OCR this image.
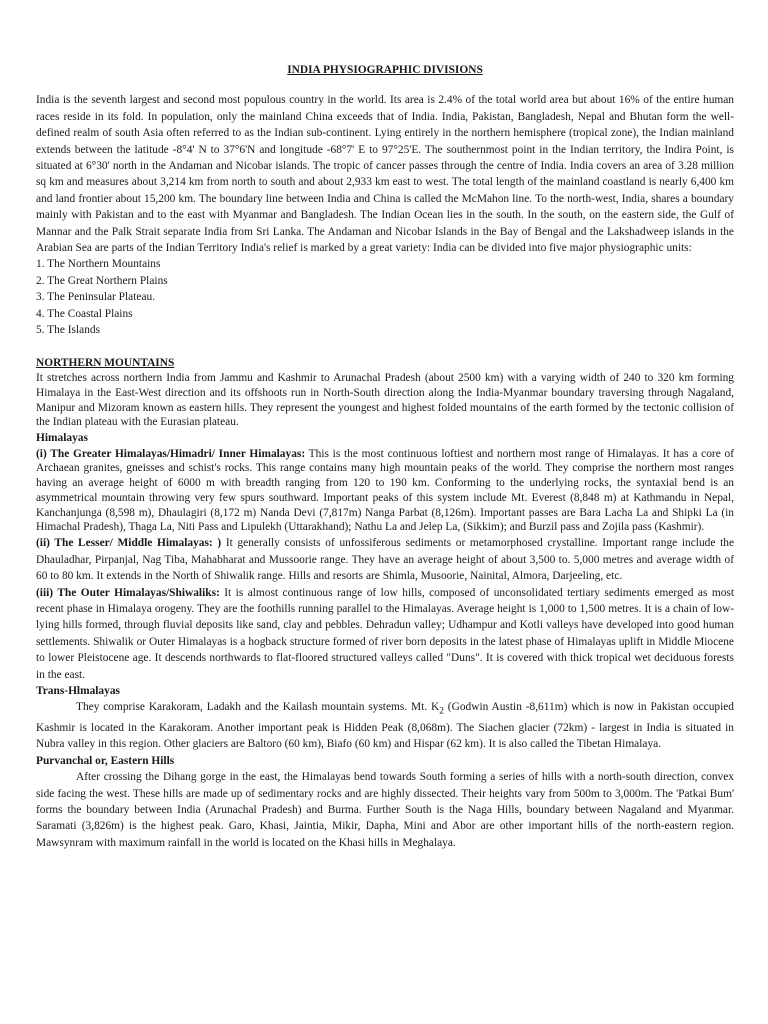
INDIA PHYSIOGRAPHIC DIVISIONS

India is the seventh largest and second most populous country in the world. Its area is 2.4% of the total world area but about 16% of the entire human races reside in its fold. In population, only the mainland China exceeds that of India. India, Pakistan, Bangladesh, Nepal and Bhutan form the well-defined realm of south Asia often referred to as the Indian sub-continent. Lying entirely in the northern hemisphere (tropical zone), the Indian mainland extends between the latitude -8°4' N to 37°6'N and longitude -68°7' E to 97°25'E. The southernmost point in the Indian territory, the Indira Point, is situated at 6°30' north in the Andaman and Nicobar islands. The tropic of cancer passes through the centre of India. India covers an area of 3.28 million sq km and measures about 3,214 km from north to south and about 2,933 km east to west. The total length of the mainland coastland is nearly 6,400 km and land frontier about 15,200 km. The boundary line between India and China is called the McMahon line. To the north-west, India, shares a boundary mainly with Pakistan and to the east with Myanmar and Bangladesh. The Indian Ocean lies in the south. In the south, on the eastern side, the Gulf of Mannar and the Palk Strait separate India from Sri Lanka. The Andaman and Nicobar Islands in the Bay of Bengal and the Lakshadweep islands in the Arabian Sea are parts of the Indian Territory India's relief is marked by a great variety: India can be divided into five major physiographic units:

1. The Northern Mountains
2. The Great Northern Plains
3. The Peninsular Plateau.
4. The Coastal Plains
5. The Islands

NORTHERN MOUNTAINS

It stretches across northern India from Jammu and Kashmir to Arunachal Pradesh (about 2500 km) with a varying width of 240 to 320 km forming Himalaya in the East-West direction and its offshoots run in North-South direction along the India-Myanmar boundary traversing through Nagaland, Manipur and Mizoram known as eastern hills. They represent the youngest and highest folded mountains of the earth formed by the tectonic collision of the Indian plateau with the Eurasian plateau.

Himalayas

(i) The Greater Himalayas/Himadri/ Inner Himalayas: This is the most continuous loftiest and northern most range of Himalayas. It has a core of Archaean granites, gneisses and schist's rocks. This range contains many high mountain peaks of the world. They comprise the northern most ranges having an average height of 6000 m with breadth ranging from 120 to 190 km. Conforming to the underlying rocks, the syntaxial bend is an asymmetrical mountain throwing very few spurs southward. Important peaks of this system include Mt. Everest (8,848 m) at Kathmandu in Nepal, Kanchanjunga (8,598 m), Dhaulagiri (8,172 m) Nanda Devi (7,817m) Nanga Parbat (8,126m). Important passes are Bara Lacha La and Shipki La (in Himachal Pradesh), Thaga La, Niti Pass and Lipulekh (Uttarakhand); Nathu La and Jelep La, (Sikkim); and Burzil pass and Zojila pass (Kashmir).

(ii) The Lesser/ Middle Himalayas: ) It generally consists of unfossiferous sediments or metamorphosed crystalline. Important range include the Dhauladhar, Pirpanjal, Nag Tiba, Mahabharat and Mussoorie range. They have an average height of about 3,500 to. 5,000 metres and average width of 60 to 80 km. It extends in the North of Shiwalik range. Hills and resorts are Shimla, Musoorie, Nainital, Almora, Darjeeling, etc.

(iii) The Outer Himalayas/Shiwaliks: It is almost continuous range of low hills, composed of unconsolidated tertiary sediments emerged as most recent phase in Himalaya orogeny. They are the foothills running parallel to the Himalayas. Average height is 1,000 to 1,500 metres. It is a chain of low-lying hills formed, through fluvial deposits like sand, clay and pebbles. Dehradun valley; Udhampur and Kotli valleys have developed into good human settlements. Shiwalik or Outer Himalayas is a hogback structure formed of river born deposits in the latest phase of Himalayas uplift in Middle Miocene to lower Pleistocene age. It descends northwards to flat-floored structured valleys called "Duns". It is covered with thick tropical wet deciduous forests in the east.

Trans-Hlmalayas

They comprise Karakoram, Ladakh and the Kailash mountain systems. Mt. $K_2$ (Godwin Austin -8,611m) which is now in Pakistan occupied Kashmir is located in the Karakoram. Another important peak is Hidden Peak (8,068m). The Siachen glacier (72km) - largest in India is situated in Nubra valley in this region. Other glaciers are Baltoro (60 km), Biafo (60 km) and Hispar (62 km). It is also called the Tibetan Himalaya.

Purvanchal or, Eastern Hills

After crossing the Dihang gorge in the east, the Himalayas bend towards South forming a series of hills with a north-south direction, convex side facing the west. These hills are made up of sedimentary rocks and are highly dissected. Their heights vary from 500m to 3,000m. The 'Patkai Bum' forms the boundary between India (Arunachal Pradesh) and Burma. Further South is the Naga Hills, boundary between Nagaland and Myanmar. Saramati (3,826m) is the highest peak. Garo, Khasi, Jaintia, Mikir, Dapha, Mini and Abor are other important hills of the north-eastern region. Mawsynram with maximum rainfall in the world is located on the Khasi hills in Meghalaya.
